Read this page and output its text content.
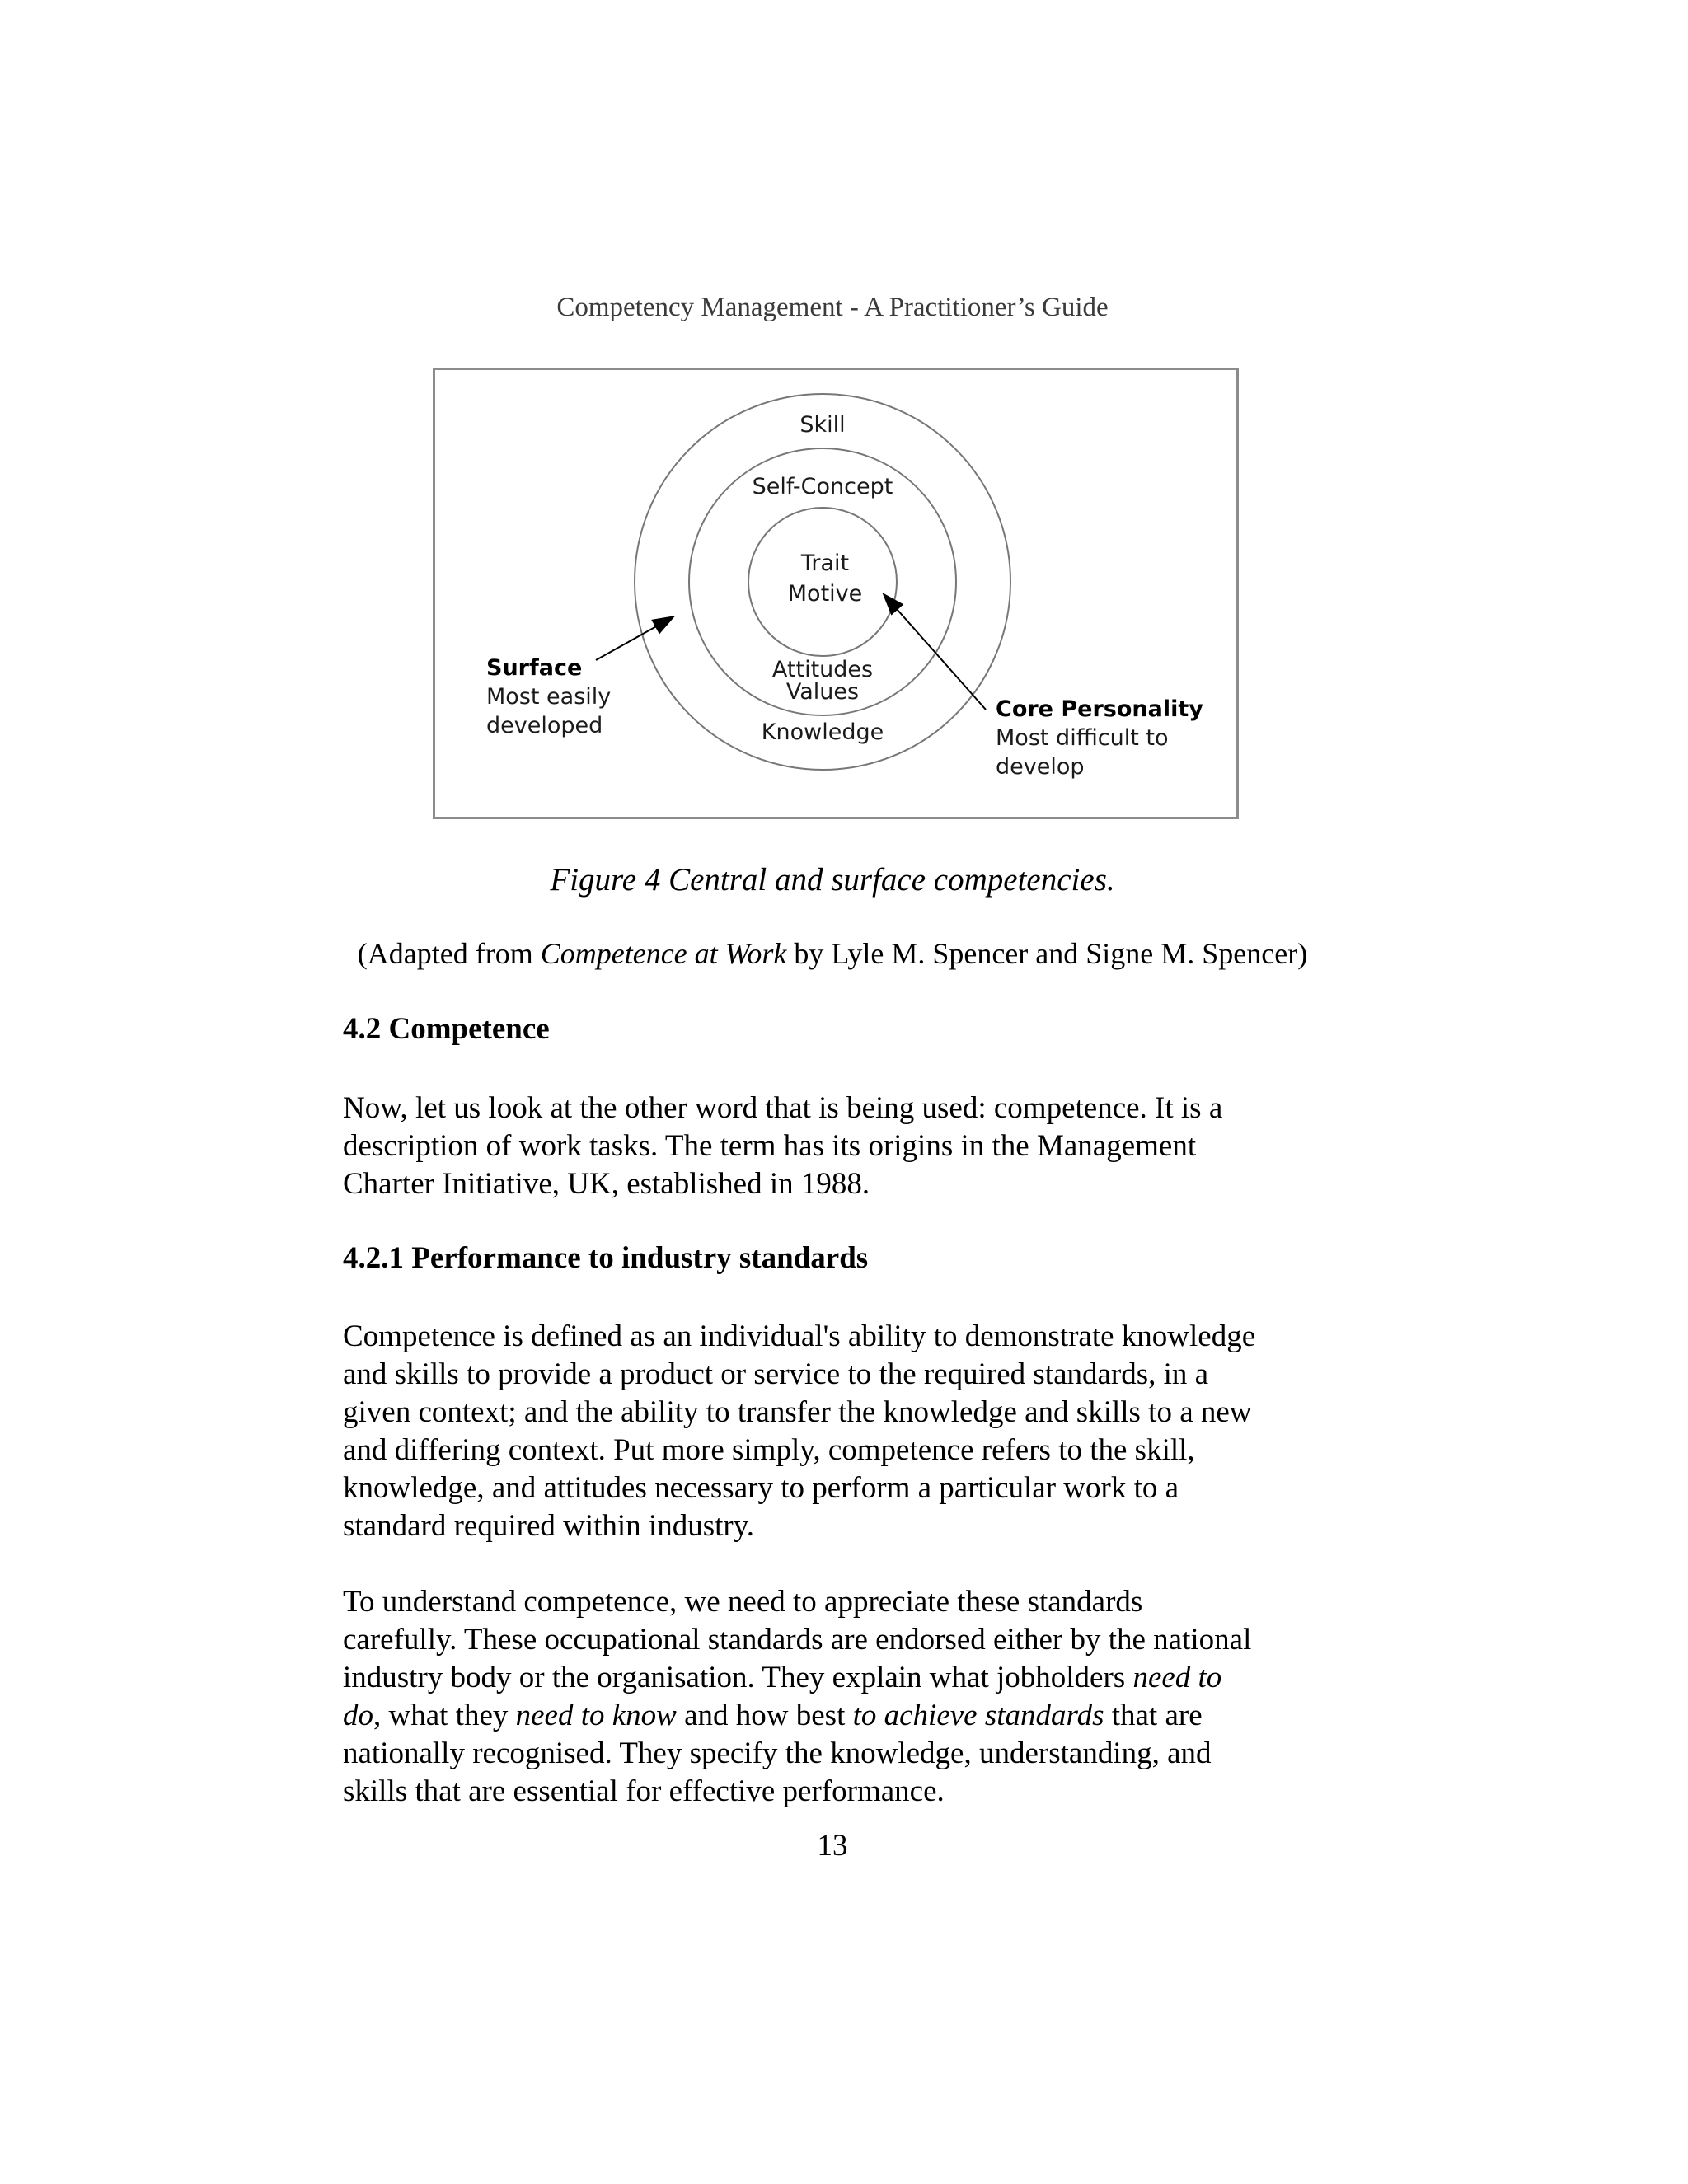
Competency Management - A Practitioner’s Guide
Skill
Self-Concept
Trait
Motive
Attitudes
Values
Knowledge
Surface
Most easily
developed
Core Personality
Most difficult to
develop
Figure 4 Central and surface competencies.
(Adapted from Competence at Work by Lyle M. Spencer and Signe M. Spencer)
4.2 Competence

Now, let us look at the other word that is being used: competence. It is a

description of work tasks. The term has its origins in the Management

Charter Initiative, UK, established in 1988.

4.2.1 Performance to industry standards

Competence is defined as an individual's ability to demonstrate knowledge

and skills to provide a product or service to the required standards, in a

given context; and the ability to transfer the knowledge and skills to a new

and differing context. Put more simply, competence refers to the skill,

knowledge, and attitudes necessary to perform a particular work to a

standard required within industry.

To understand competence, we need to appreciate these standards

carefully. These occupational standards are endorsed either by the national

industry body or the organisation. They explain what jobholders need to

do, what they need to know and how best to achieve standards that are

nationally recognised. They specify the knowledge, understanding, and

skills that are essential for effective performance.

13
